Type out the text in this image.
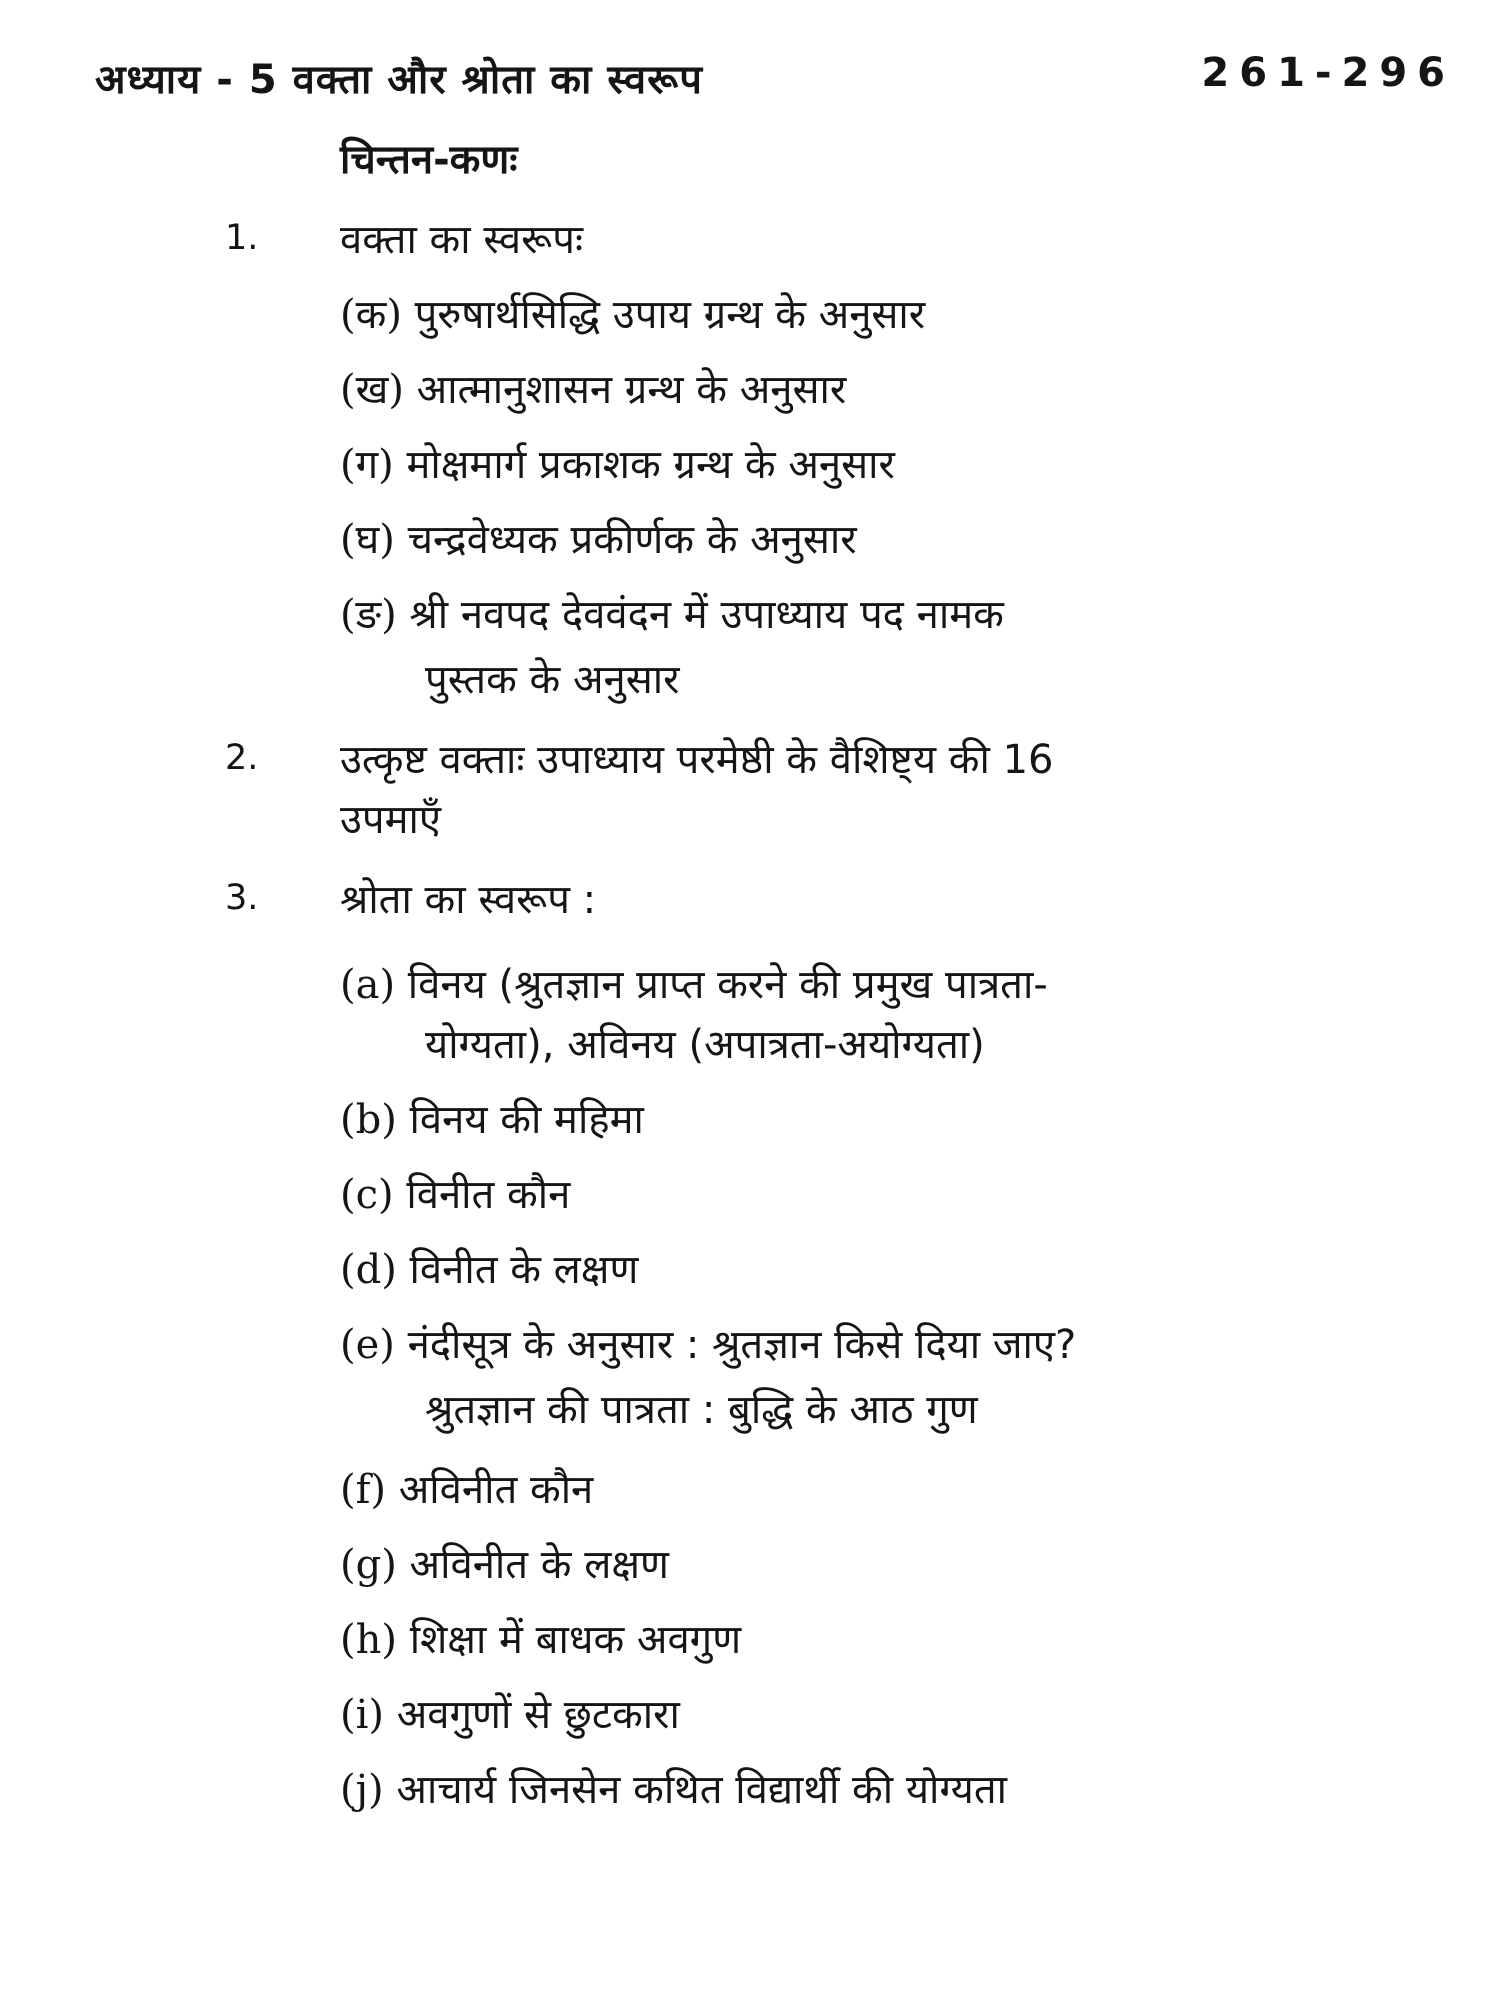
अध्याय - 5 वक्ता और श्रोता का स्वरूप	261-296
चिन्तन-कणः
1. वक्ता का स्वरूपः
(क) पुरुषार्थसिद्धि उपाय ग्रन्थ के अनुसार
(ख) आत्मानुशासन ग्रन्थ के अनुसार
(ग) मोक्षमार्ग प्रकाशक ग्रन्थ के अनुसार
(घ) चन्द्रवेध्यक प्रकीर्णक के अनुसार
(ङ) श्री नवपद देववंदन में उपाध्याय पद नामक
पुस्तक के अनुसार
2. उत्कृष्ट वक्ताः उपाध्याय परमेष्ठी के वैशिष्ट्य की 16
उपमाएँ
3. श्रोता का स्वरूप :
(a) विनय (श्रुतज्ञान प्राप्त करने की प्रमुख पात्रता-
योग्यता), अविनय (अपात्रता-अयोग्यता)
(b) विनय की महिमा
(c) विनीत कौन
(d) विनीत के लक्षण
(e) नंदीसूत्र के अनुसार : श्रुतज्ञान किसे दिया जाए?
श्रुतज्ञान की पात्रता : बुद्धि के आठ गुण
(f) अविनीत कौन
(g) अविनीत के लक्षण
(h) शिक्षा में बाधक अवगुण
(i) अवगुणों से छुटकारा
(j) आचार्य जिनसेन कथित विद्यार्थी की योग्यता
